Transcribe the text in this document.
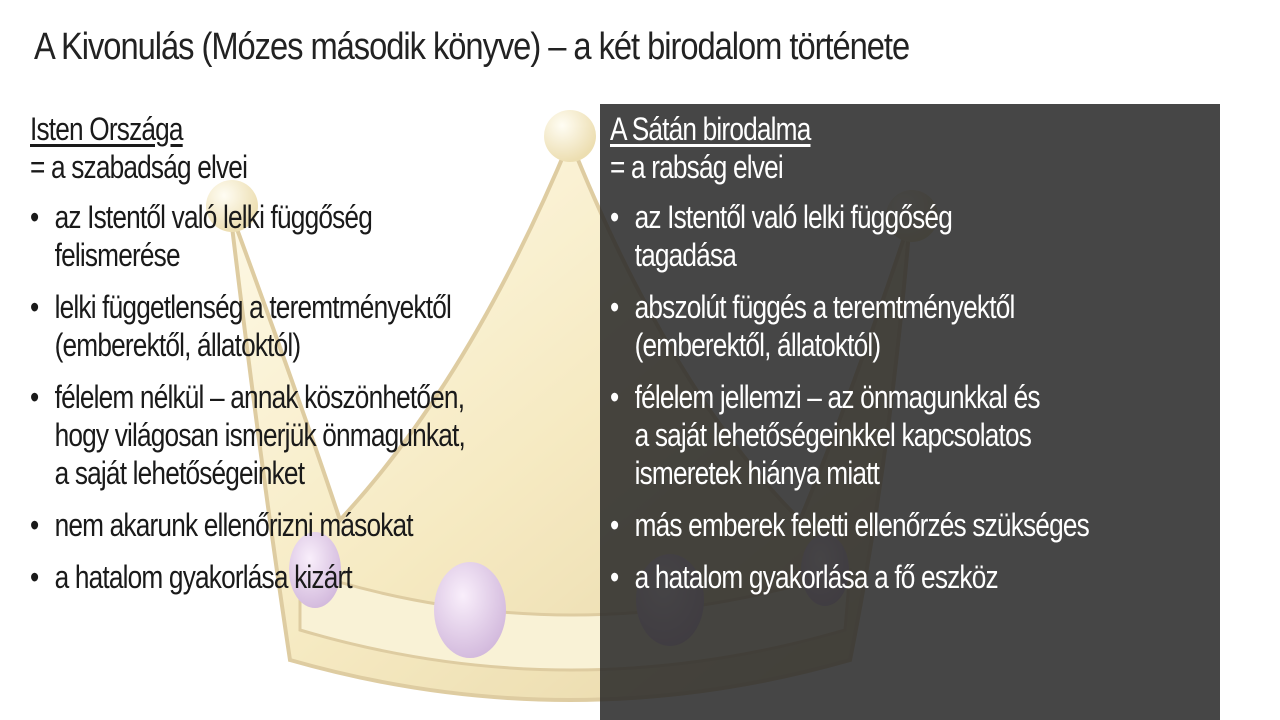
A Kivonulás (Mózes második könyve) – a két birodalom története
Isten Országa
= a szabadság elvei
• az Istentől való lelki függőség
felismerése
• lelki függetlenség a teremtményektől
(emberektől, állatoktól)
• félelem nélkül – annak köszönhetően,
hogy világosan ismerjük önmagunkat,
a saját lehetőségeinket
• nem akarunk ellenőrizni másokat
• a hatalom gyakorlása kizárt
A Sátán birodalma
= a rabság elvei
• az Istentől való lelki függőség
tagadása
• abszolút függés a teremtményektől
(emberektől, állatoktól)
• félelem jellemzi – az önmagunkkal és
a saját lehetőségeinkkel kapcsolatos
ismeretek hiánya miatt
• más emberek feletti ellenőrzés szükséges
• a hatalom gyakorlása a fő eszköz
